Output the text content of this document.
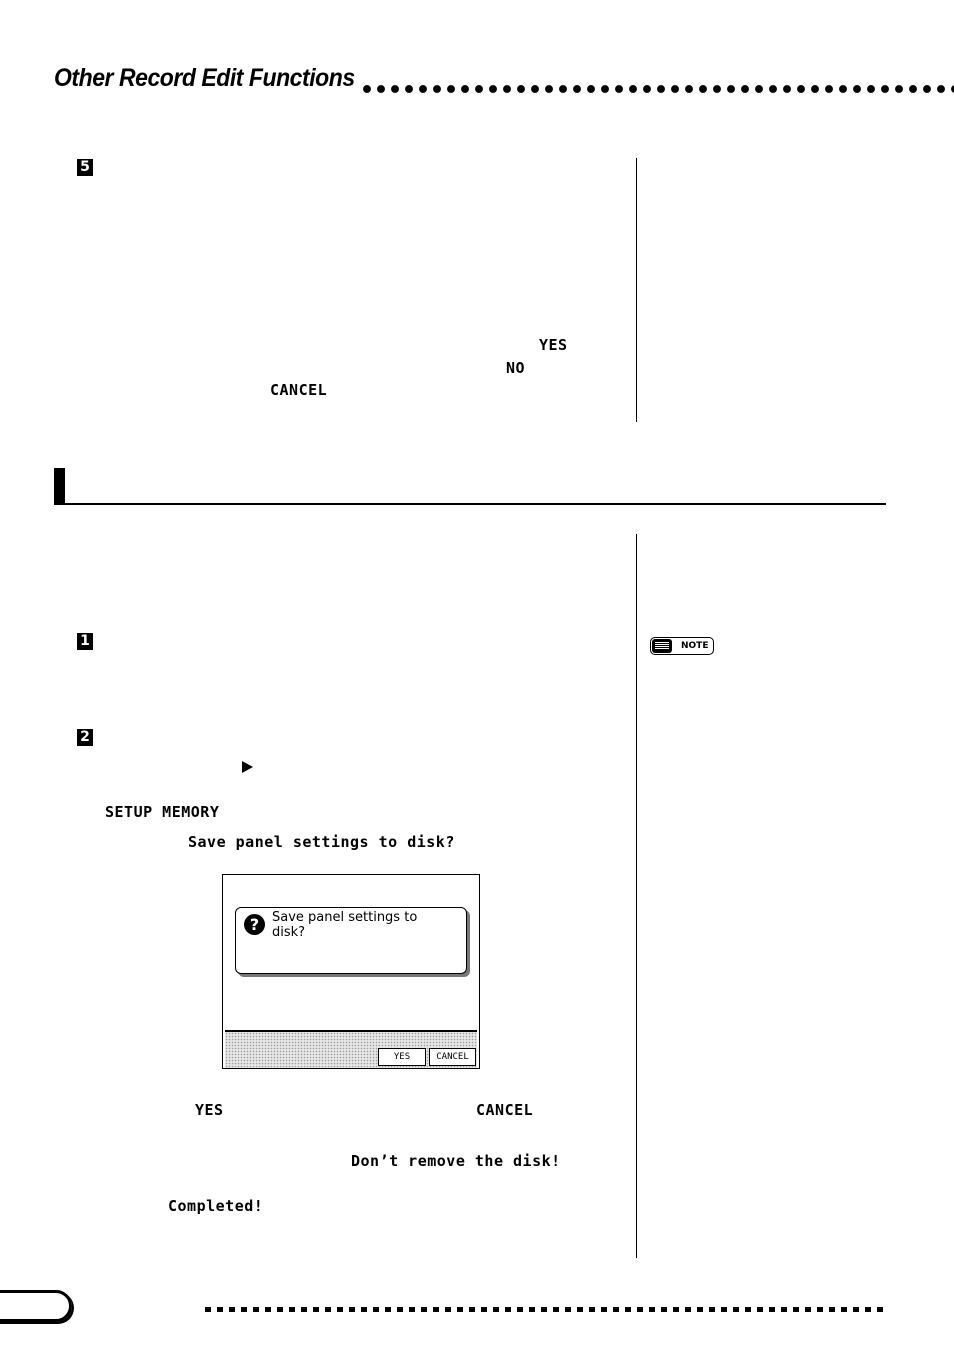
Other Record Edit Functions
5
YES
NO
CANCEL
NOTE
1
2
SETUP MEMORY
Save panel settings to disk?
? Save panel settings to disk?
YES	CANCEL
YES	CANCEL
Don’t remove the disk!
Completed!
